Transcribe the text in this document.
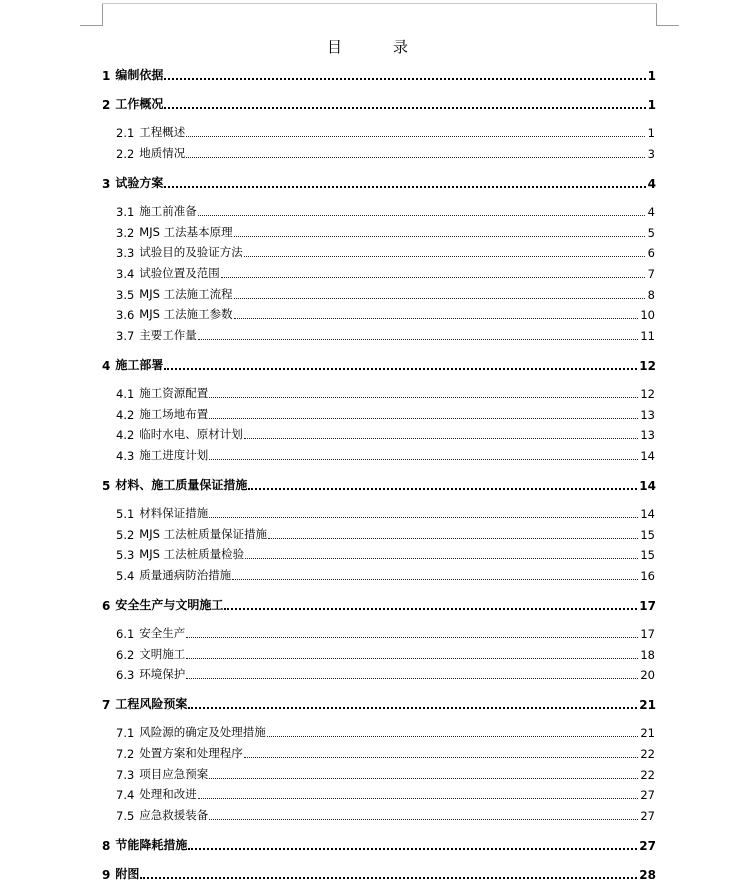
目　录
1 编制依据	1
2 工作概况	1
2.1 工程概述	1
2.2 地质情况	3
3 试验方案	4
3.1 施工前准备	4
3.2 MJS 工法基本原理	5
3.3 试验目的及验证方法	6
3.4 试验位置及范围	7
3.5 MJS 工法施工流程	8
3.6 MJS 工法施工参数	10
3.7 主要工作量	11
4 施工部署	12
4.1 施工资源配置	12
4.2 施工场地布置	13
4.2 临时水电、原材计划	13
4.3 施工进度计划	14
5 材料、施工质量保证措施	14
5.1 材料保证措施	14
5.2 MJS 工法桩质量保证措施	15
5.3 MJS 工法桩质量检验	15
5.4 质量通病防治措施	16
6 安全生产与文明施工	17
6.1 安全生产	17
6.2 文明施工	18
6.3 环境保护	20
7 工程风险预案	21
7.1 风险源的确定及处理措施	21
7.2 处置方案和处理程序	22
7.3 项目应急预案	22
7.4 处理和改进	27
7.5 应急救援装备	27
8 节能降耗措施	27
9 附图	28
